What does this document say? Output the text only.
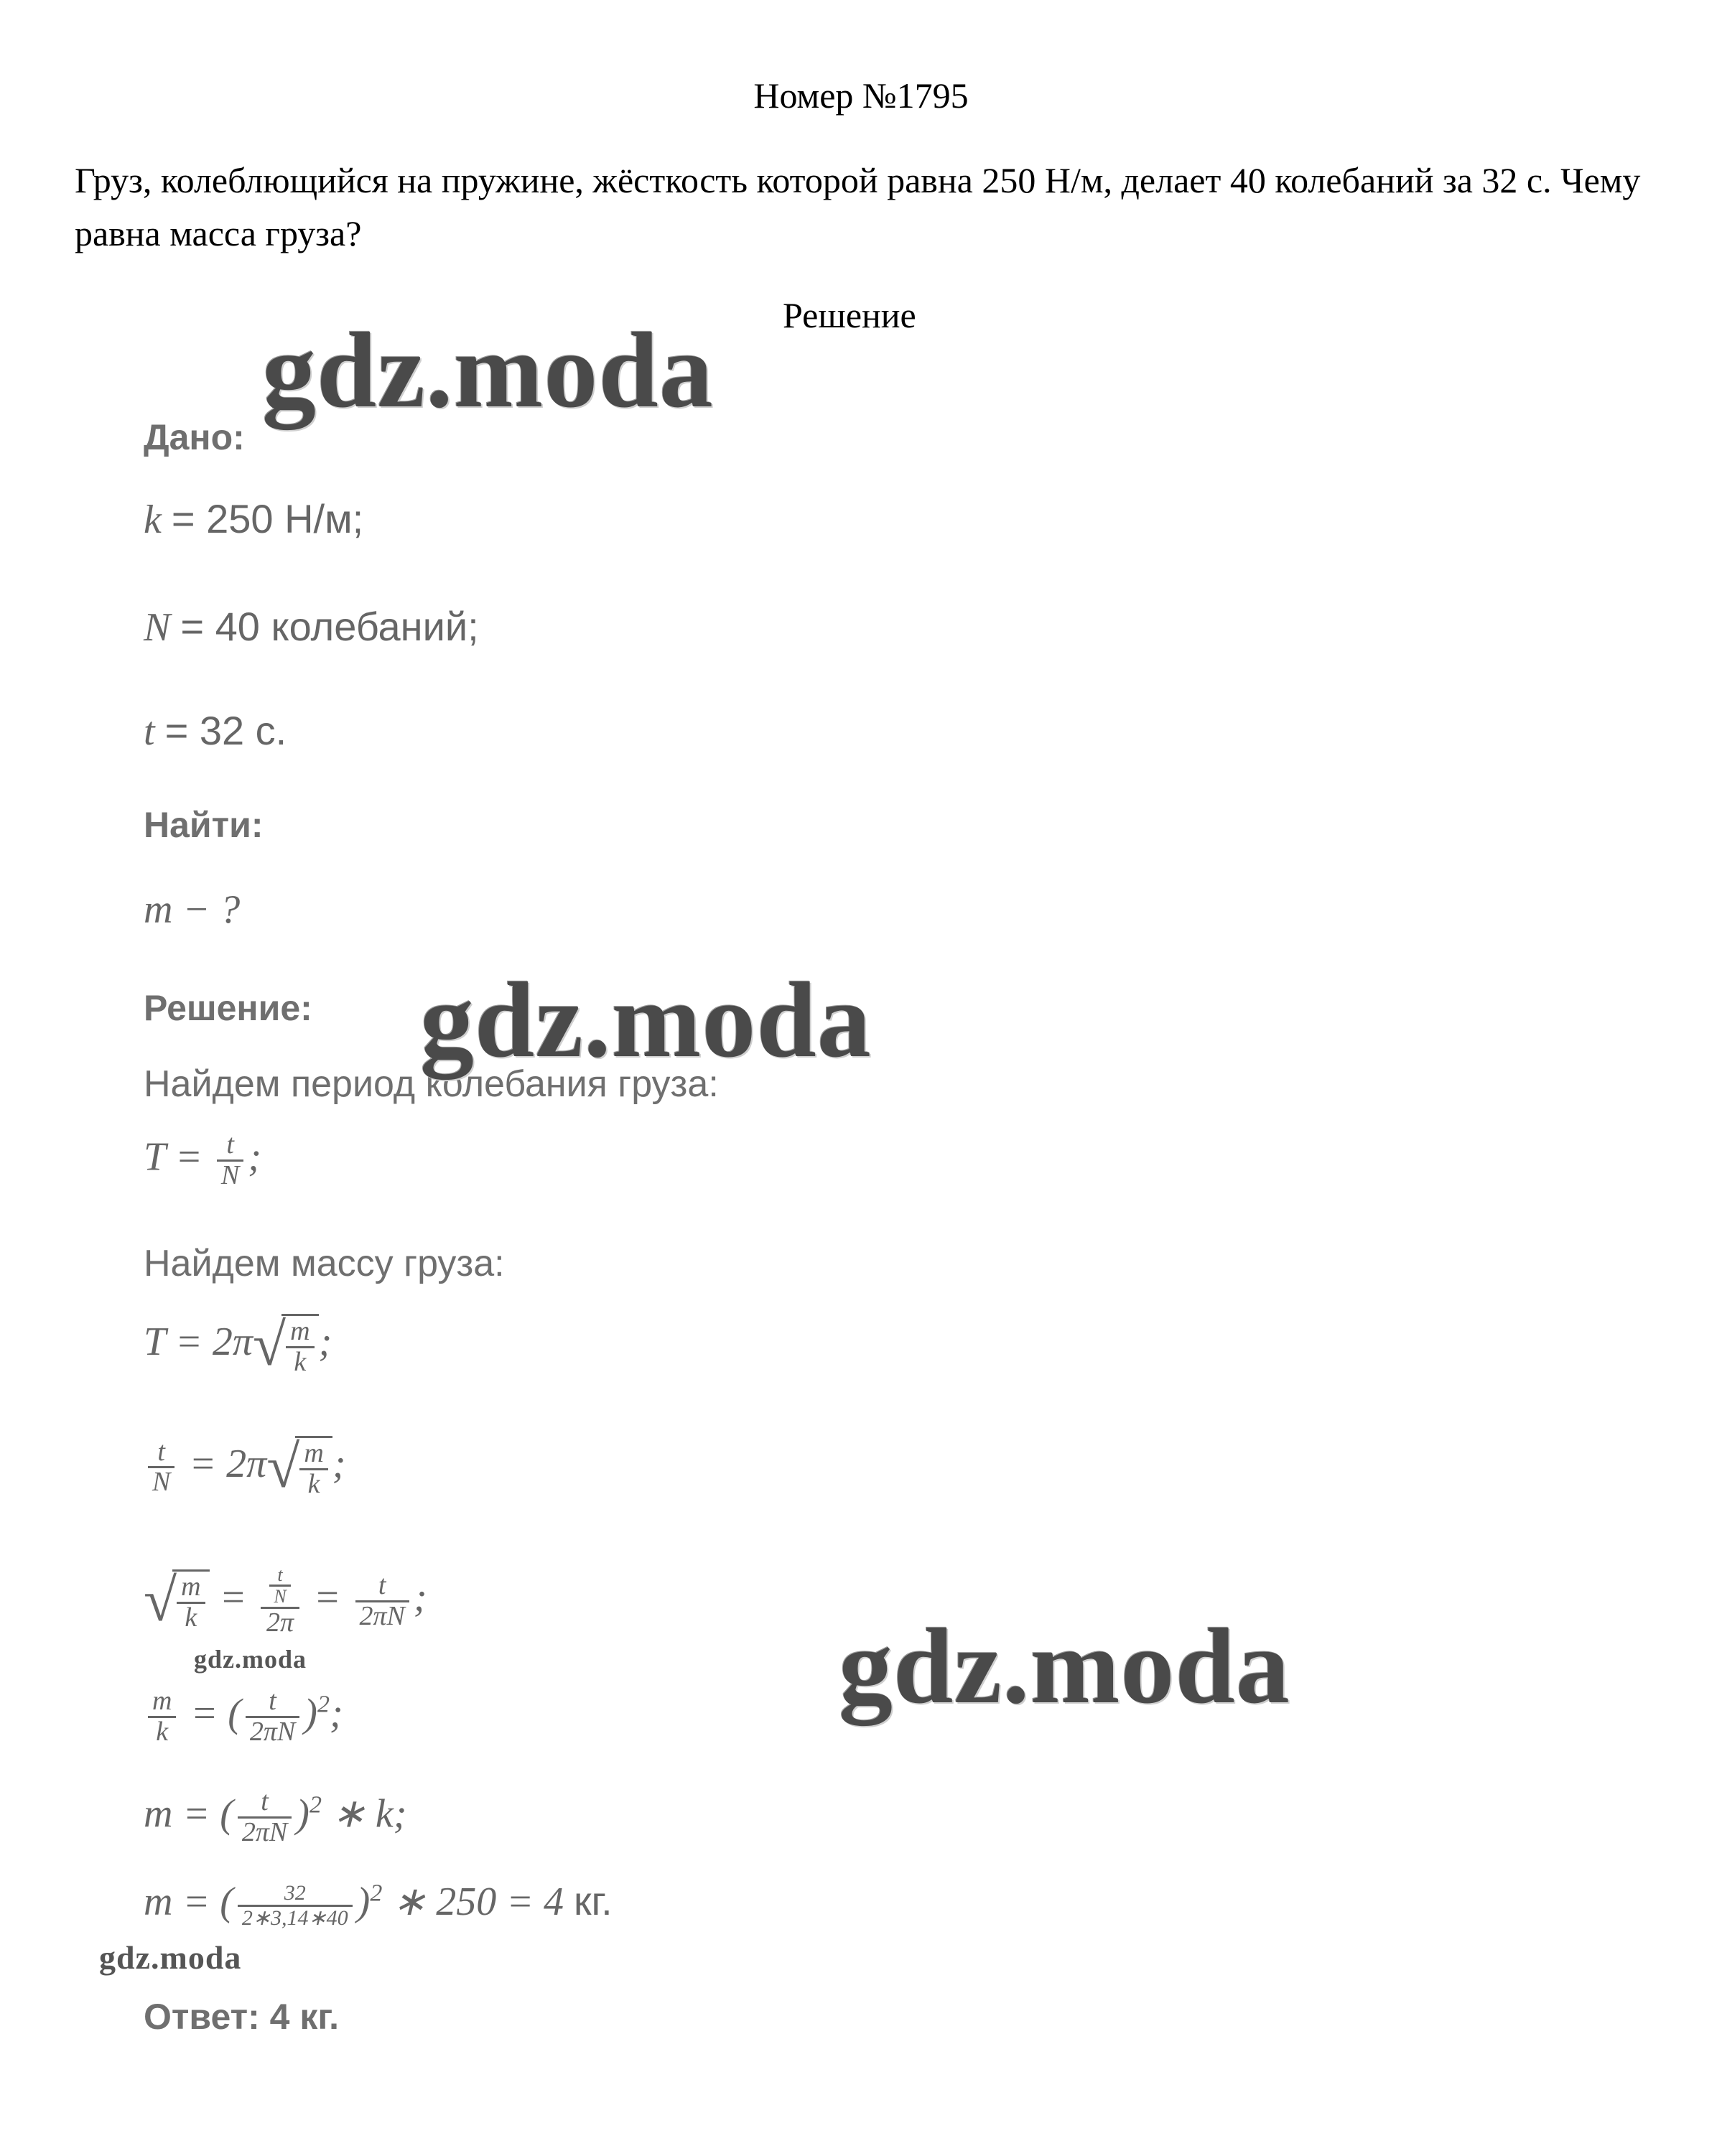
Номер №1795
Груз, колеблющийся на пружине, жёсткость которой равна 250 Н/м, делает 40 колебаний за 32 с. Чему равна масса груза?
Решение
Дано:
k = 250 Н/м;
N = 40 колебаний;
t = 32 с.
Найти:
m − ?
Решение:
Найдем период колебания груза:
$T = \frac{t}{N}$ ;
Найдем массу груза:
$T = 2\pi√ \frac{m}{k}$ ;
$\frac{t}{N} = 2\pi√ \frac{m}{k}$ ;
√ $\frac{m}{k} = \frac{\frac{t}{N}}{2\pi} = \frac{t}{2\pi N}$ ;
$\frac{m}{k}$ = ( $\frac{t}{2\pi N} )^2$;
m = ( $\frac{t}{2\pi N} )^2$ ∗ k;
m = ( $\frac{32}{2∗3,14∗40} )^2$ ∗ 250 = 4 кг.
Ответ: 4 кг.
gdz.moda
gdz.moda
gdz.moda
gdz.moda
gdz.moda
